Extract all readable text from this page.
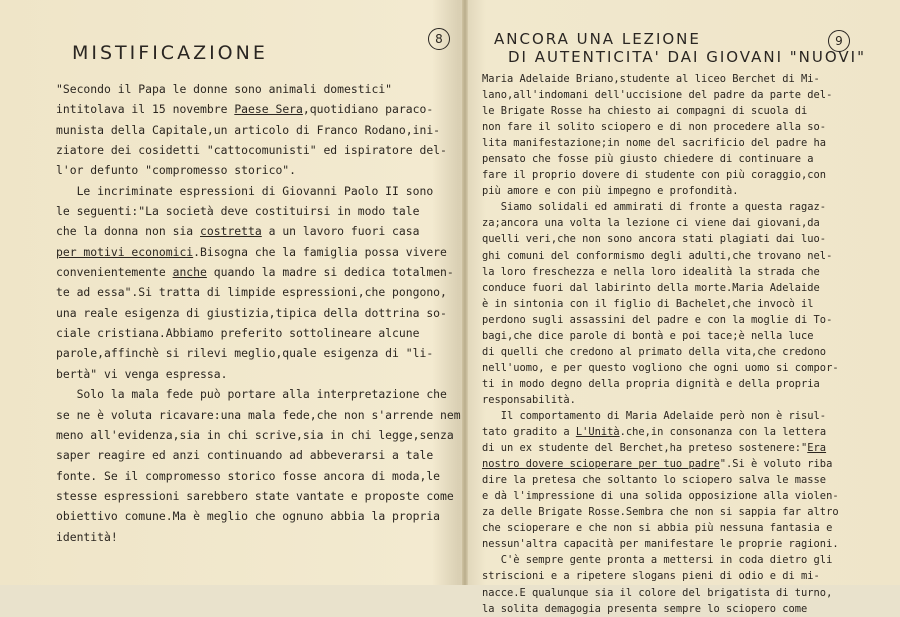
MISTIFICAZIONE
8
"Secondo il Papa le donne sono animali domestici"
intitolava il 15 novembre Paese Sera,quotidiano paraco-
munista della Capitale,un articolo di Franco Rodano,ini-
ziatore dei cosidetti "cattocomunisti" ed ispiratore del-
l'or defunto "compromesso storico".
Le incriminate espressioni di Giovanni Paolo II sono
le seguenti:"La società deve costituirsi in modo tale
che la donna non sia costretta a un lavoro fuori casa
per motivi economici.Bisogna che la famiglia possa vivere
convenientemente anche quando la madre si dedica totalmen-
te ad essa".Si tratta di limpide espressioni,che pongono,
una reale esigenza di giustizia,tipica della dottrina so-
ciale cristiana.Abbiamo preferito sottolineare alcune
parole,affinchè si rilevi meglio,quale esigenza di "li-
bertà" vi venga espressa.
Solo la mala fede può portare alla interpretazione che
se ne è voluta ricavare:una mala fede,che non s'arrende nem
meno all'evidenza,sia in chi scrive,sia in chi legge,senza
saper reagire ed anzi continuando ad abbeverarsi a tale
fonte. Se il compromesso storico fosse ancora di moda,le
stesse espressioni sarebbero state vantate e proposte come
obiettivo comune.Ma è meglio che ognuno abbia la propria
identità!
ANCORA UNA LEZIONE
DI AUTENTICITA' DAI GIOVANI "NUOVI"
9
Maria Adelaide Briano,studente al liceo Berchet di Mi-
lano,all'indomani dell'uccisione del padre da parte del-
le Brigate Rosse ha chiesto ai compagni di scuola di
non fare il solito sciopero e di non procedere alla so-
lita manifestazione;in nome del sacrificio del padre ha
pensato che fosse più giusto chiedere di continuare a
fare il proprio dovere di studente con più coraggio,con
più amore e con più impegno e profondità.
Siamo solidali ed ammirati di fronte a questa ragaz-
za;ancora una volta la lezione ci viene dai giovani,da
quelli veri,che non sono ancora stati plagiati dai luo-
ghi comuni del conformismo degli adulti,che trovano nel-
la loro freschezza e nella loro idealità la strada che
conduce fuori dal labirinto della morte.Maria Adelaide
è in sintonia con il figlio di Bachelet,che invocò il
perdono sugli assassini del padre e con la moglie di To-
bagi,che dice parole di bontà e poi tace;è nella luce
di quelli che credono al primato della vita,che credono
nell'uomo, e per questo vogliono che ogni uomo si compor-
ti in modo degno della propria dignità e della propria
responsabilità.
Il comportamento di Maria Adelaide però non è risul-
tato gradito a L'Unità.che,in consonanza con la lettera
di un ex studente del Berchet,ha preteso sostenere:"Era
nostro dovere scioperare per tuo padre".Si è voluto riba
dire la pretesa che soltanto lo sciopero salva le masse
e dà l'impressione di una solida opposizione alla violen-
za delle Brigate Rosse.Sembra che non si sappia far altro
che scioperare e che non si abbia più nessuna fantasia e
nessun'altra capacità per manifestare le proprie ragioni.
C'è sempre gente pronta a mettersi in coda dietro gli
striscioni e a ripetere slogans pieni di odio e di mi-
nacce.E qualunque sia il colore del brigatista di turno,
la solita demagogia presenta sempre lo sciopero come
